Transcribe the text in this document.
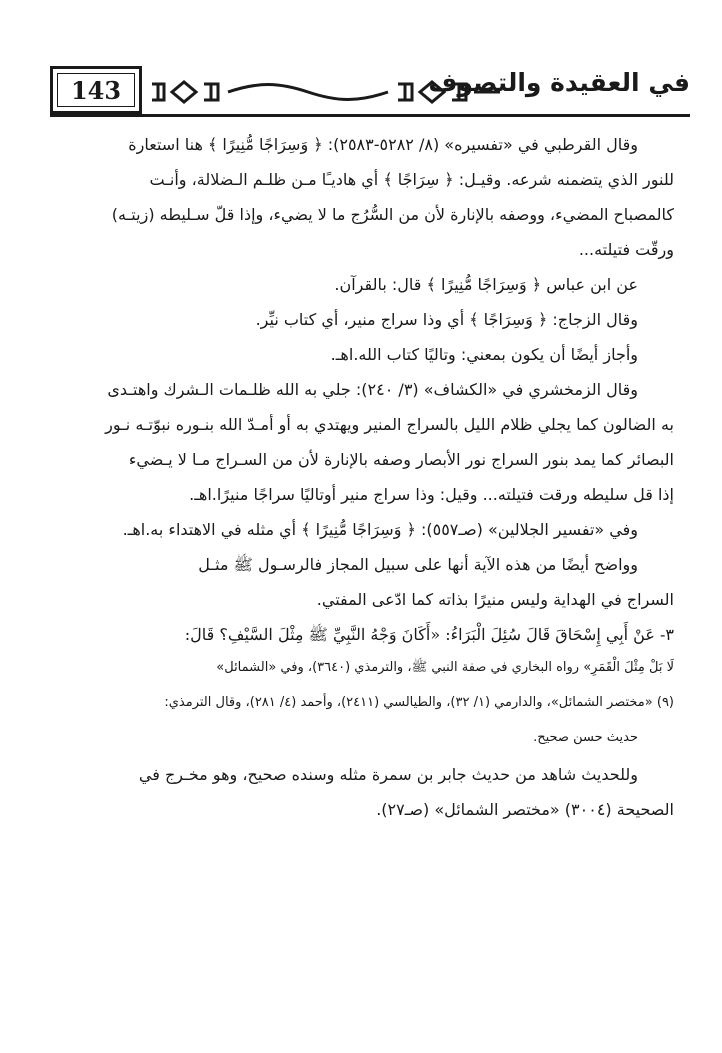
143	في العقيدة والتصوف
وقال القرطبي في «تفسيره» (٨/ ٥٢٨٢-٢٥٨٣): ﴿ وَسِرَاجًا مُّنِيرًا ﴾ هنا استعارة
للنور الذي يتضمنه شرعه. وقيـل: ﴿ سِرَاجًا ﴾ أي هاديـًا مـن ظلـم الـضلالة، وأنـت
كالمصباح المضيء، ووصفه بالإنارة لأن من السُّرُج ما لا يضيء، وإذا قلّ سـليطه (زيتـه)
ورقّت فتيلته...
عن ابن عباس ﴿ وَسِرَاجًا مُّنِيرًا ﴾ قال: بالقرآن.
وقال الزجاج: ﴿ وَسِرَاجًا ﴾ أي وذا سراج منير، أي كتاب نيِّر.
وأجاز أيضًا أن يكون بمعني: وتاليًا كتاب الله.اهـ.
وقال الزمخشري في «الكشاف» (٣/ ٢٤٠): جلي به الله ظلـمات الـشرك واهتـدى
به الضالون كما يجلي ظلام الليل بالسراج المنير ويهتدي به أو أمـدّ الله بنـوره نبوّتـه نـور
البصائر كما يمد بنور السراج نور الأبصار وصفه بالإنارة لأن من السـراج مـا لا يـضيء
إذا قل سليطه ورقت فتيلته... وقيل: وذا سراج منير أوتاليًا سراجًا منيرًا.اهـ.
وفي «تفسير الجلالين» (صـ٥٥٧): ﴿ وَسِرَاجًا مُّنِيرًا ﴾ أي مثله في الاهتداء به.اهـ.
وواضح أيضًا من هذه الآية أنها على سبيل المجاز فالرسـول ﷺ مثـل
السراج في الهداية وليس منيرًا بذاته كما ادّعى المفتي.
٣- عَنْ أَبِي إِسْحَاقَ قَالَ سُئِلَ الْبَرَاءُ: «أَكَانَ وَجْهُ النَّبِيِّ ﷺ مِثْلَ السَّيْفِ؟ قَالَ:
لَا بَلْ مِثْلَ الْقَمَرِ» رواه البخاري في صفة النبي ﷺ، والترمذي (٣٦٤٠)، وفي «الشمائل»
(٩) «مختصر الشمائل»، والدارمي (١/ ٣٢)، والطيالسي (٢٤١١)، وأحمد (٤/ ٢٨١)، وقال الترمذي:
حديث حسن صحيح.
وللحديث شاهد من حديث جابر بن سمرة مثله وسنده صحيح، وهو مخـرج في
الصحيحة (٣٠٠٤) «مختصر الشمائل» (صـ٢٧).
